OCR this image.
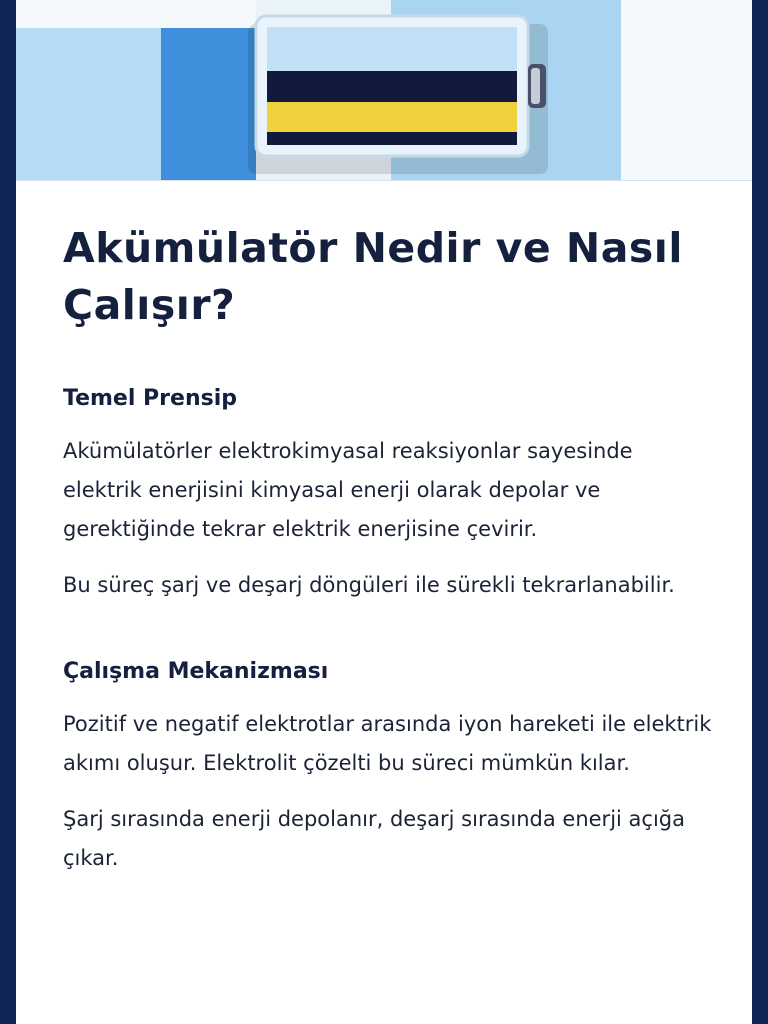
Akümülatör Nedir ve Nasıl Çalışır?
Temel Prensip

Akümülatörler elektrokimyasal reaksiyonlar sayesinde elektrik enerjisini kimyasal enerji olarak depolar ve gerektiğinde tekrar elektrik enerjisine çevirir.

Bu süreç şarj ve deşarj döngüleri ile sürekli tekrarlanabilir.

Çalışma Mekanizması

Pozitif ve negatif elektrotlar arasında iyon hareketi ile elektrik akımı oluşur. Elektrolit çözelti bu süreci mümkün kılar.

Şarj sırasında enerji depolanır, deşarj sırasında enerji açığa çıkar.
